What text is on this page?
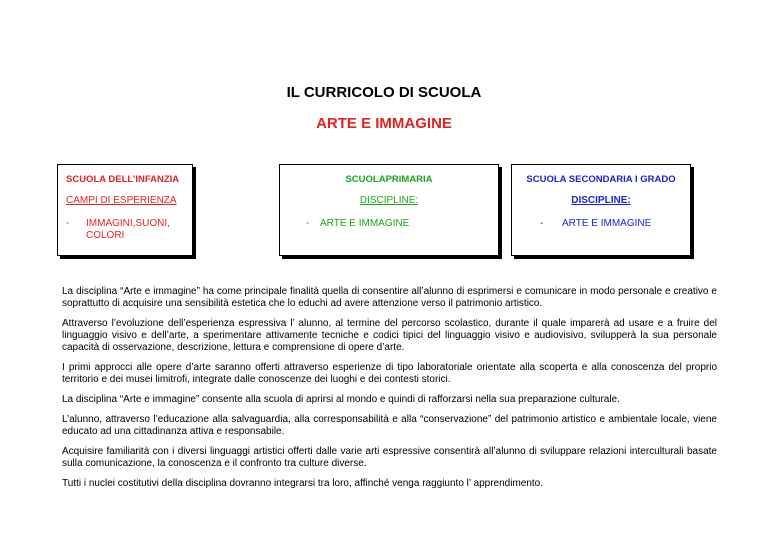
IL CURRICOLO DI SCUOLA
ARTE E IMMAGINE
SCUOLA DELL’INFANZIA
CAMPI DI ESPERIENZA
- IMMAGINI,SUONI, COLORI
SCUOLAPRIMARIA
DISCIPLINE:
- ARTE E IMMAGINE
SCUOLA SECONDARIA I GRADO
DISCIPLINE:
- ARTE E IMMAGINE

La disciplina “Arte e immagine” ha come principale finalità quella di consentire all’alunno di esprimersi e comunicare in modo personale e creativo e soprattutto di acquisire una sensibilità estetica che lo educhi ad avere attenzione verso il patrimonio artistico.

Attraverso l’evoluzione dell’esperienza espressiva l’ alunno, al termine del percorso scolastico, durante il quale imparerà ad usare e a fruire del linguaggio visivo e dell’arte, a sperimentare attivamente tecniche e codici tipici del linguaggio visivo e audiovisivo, svilupperà la sua personale capacità di osservazione, descrizione, lettura e comprensione di opere d’arte.

I primi approcci alle opere d’arte saranno offerti attraverso esperienze di tipo laboratoriale orientate alla scoperta e alla conoscenza del proprio territorio e dei musei limitrofi, integrate dalle conoscenze dei luoghi e dei contesti storici.

La disciplina “Arte e immagine” consente alla scuola di aprirsi al mondo e quindi di rafforzarsi nella sua preparazione culturale.

L’alunno, attraverso l’educazione alla salvaguardia, alla corresponsabilità e alla “conservazione” del patrimonio artistico e ambientale locale, viene educato ad una cittadinanza attiva e responsabile.

Acquisire familiarità con i diversi linguaggi artistici offerti dalle varie arti espressive consentirà all’alunno di sviluppare relazioni interculturali basate sulla comunicazione, la conoscenza e il confronto tra culture diverse.

Tutti i nuclei costitutivi della disciplina dovranno integrarsi tra loro, affinché venga raggiunto l’ apprendimento.
